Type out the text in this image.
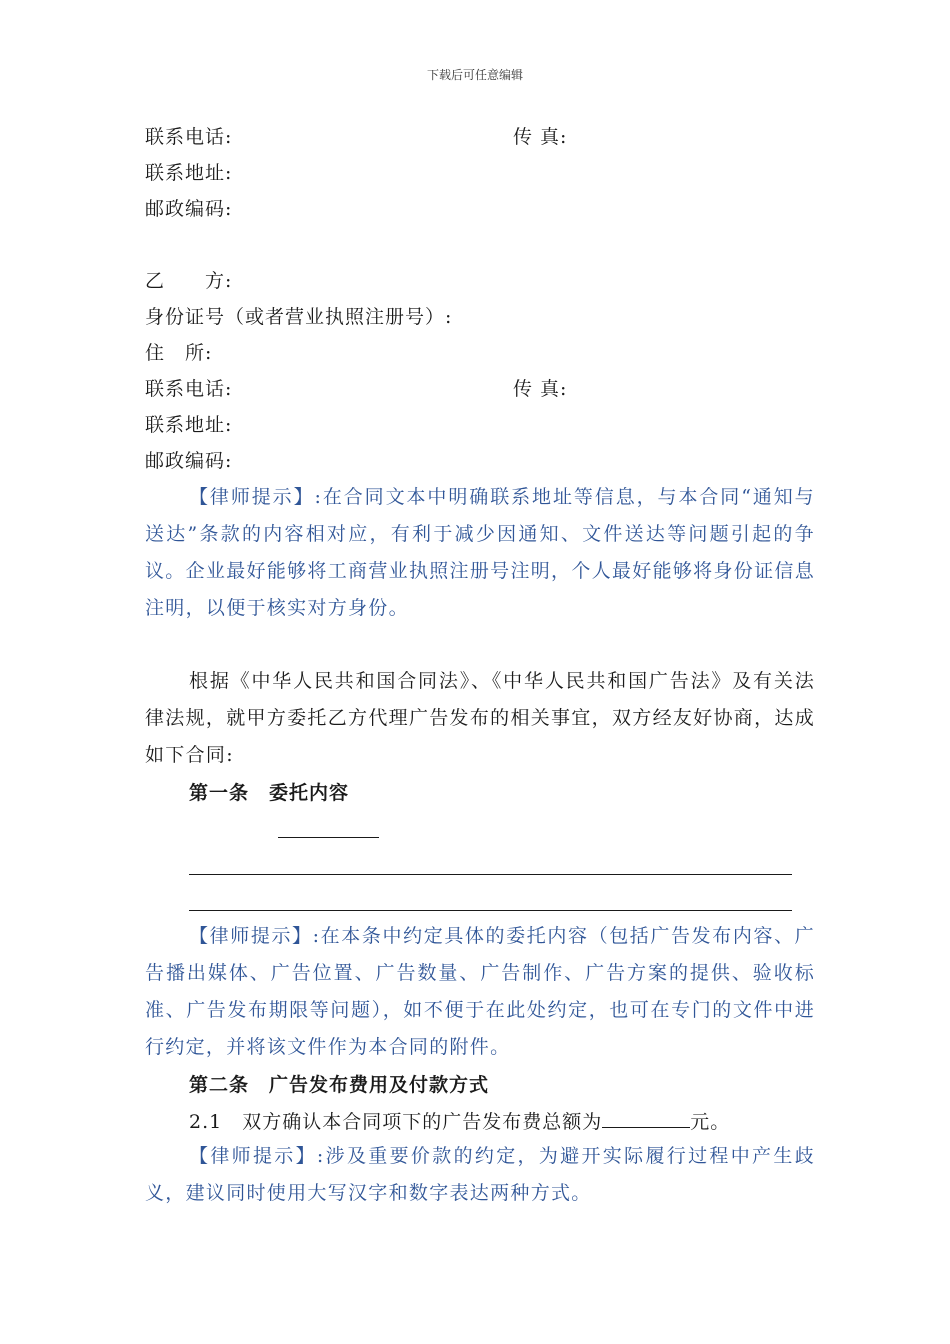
下载后可任意编辑
联系电话:	传 真:
联系地址:
邮政编码:
乙　　方:
身份证号（或者营业执照注册号）:
住　所:
联系电话:	传 真:
联系地址:
邮政编码:
【律师提示】:在合同文本中明确联系地址等信息，与本合同“通知与送达”条款的内容相对应，有利于减少因通知、文件送达等问题引起的争议。企业最好能够将工商营业执照注册号注明，个人最好能够将身份证信息注明，以便于核实对方身份。
根据《中华人民共和国合同法》、《中华人民共和国广告法》及有关法律法规，就甲方委托乙方代理广告发布的相关事宜，双方经友好协商，达成如下合同:
第一条　委托内容
【律师提示】:在本条中约定具体的委托内容（包括广告发布内容、广告播出媒体、广告位置、广告数量、广告制作、广告方案的提供、验收标准、广告发布期限等问题），如不便于在此处约定，也可在专门的文件中进行约定，并将该文件作为本合同的附件。
第二条　广告发布费用及付款方式
2.1　双方确认本合同项下的广告发布费总额为	元。
【律师提示】:涉及重要价款的约定，为避开实际履行过程中产生歧义，建议同时使用大写汉字和数字表达两种方式。
